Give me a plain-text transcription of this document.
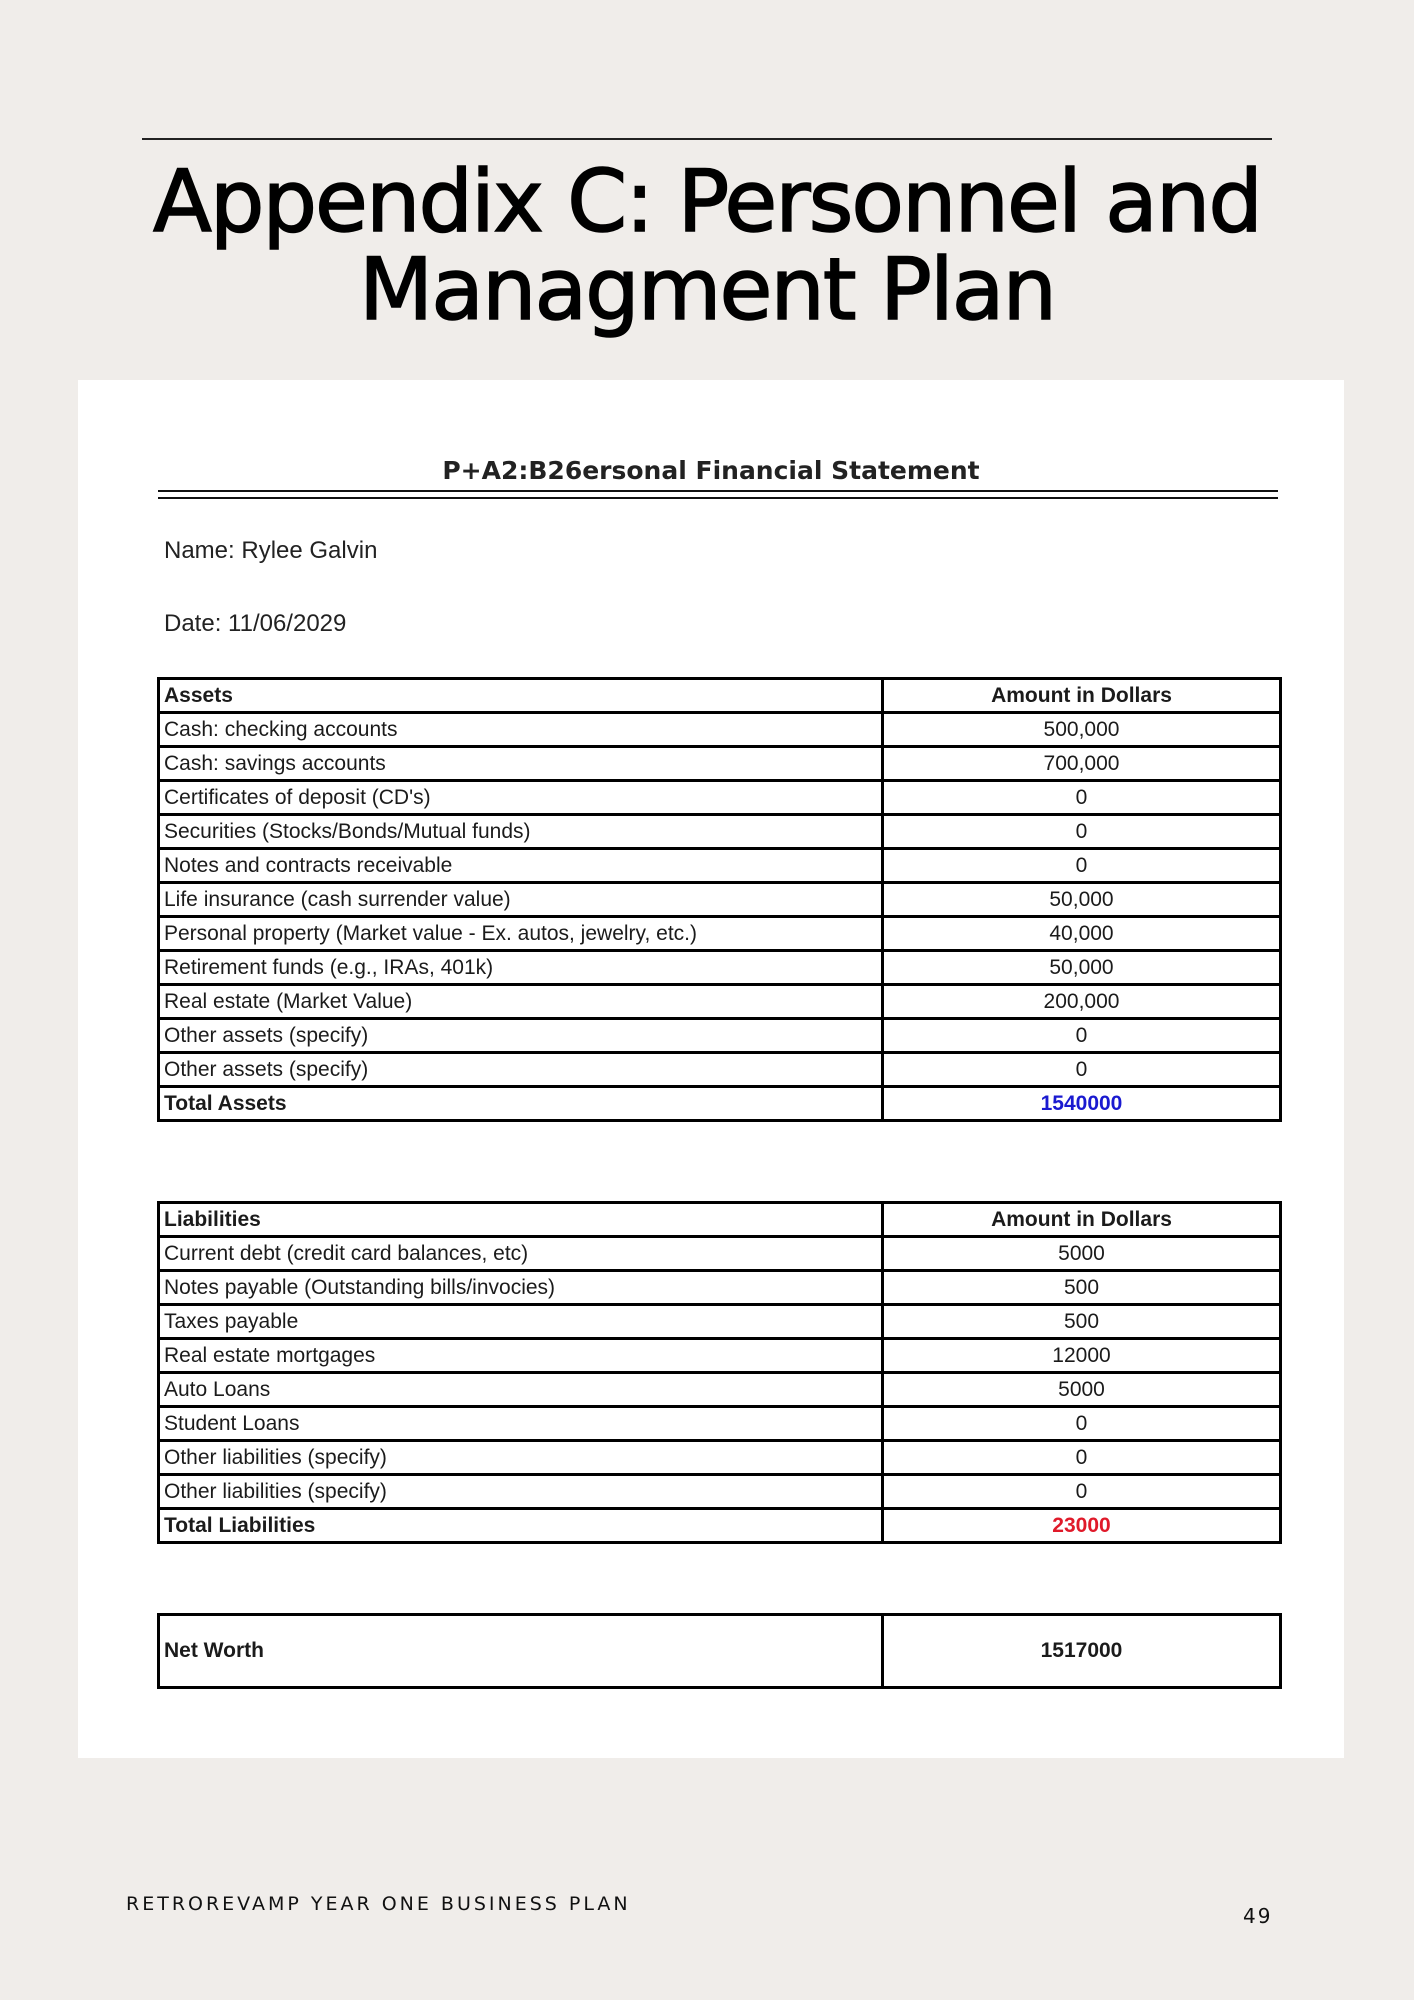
Appendix C: Personnel and
Managment Plan
P+A2:B26ersonal Financial Statement
Name: Rylee Galvin
Date: 11/06/2029
Assets	Amount in Dollars
Cash: checking accounts	500,000
Cash: savings accounts	700,000
Certificates of deposit (CD's)	0
Securities (Stocks/Bonds/Mutual funds)	0
Notes and contracts receivable	0
Life insurance (cash surrender value)	50,000
Personal property (Market value - Ex. autos, jewelry, etc.)	40,000
Retirement funds (e.g., IRAs, 401k)	50,000
Real estate (Market Value)	200,000
Other assets (specify)	0
Other assets (specify)	0
Total Assets	1540000
Liabilities	Amount in Dollars
Current debt (credit card balances, etc)	5000
Notes payable (Outstanding bills/invocies)	500
Taxes payable	500
Real estate mortgages	12000
Auto Loans	5000
Student Loans	0
Other liabilities (specify)	0
Other liabilities (specify)	0
Total Liabilities	23000
Net Worth	1517000
RETROREVAMP YEAR ONE BUSINESS PLAN	49
